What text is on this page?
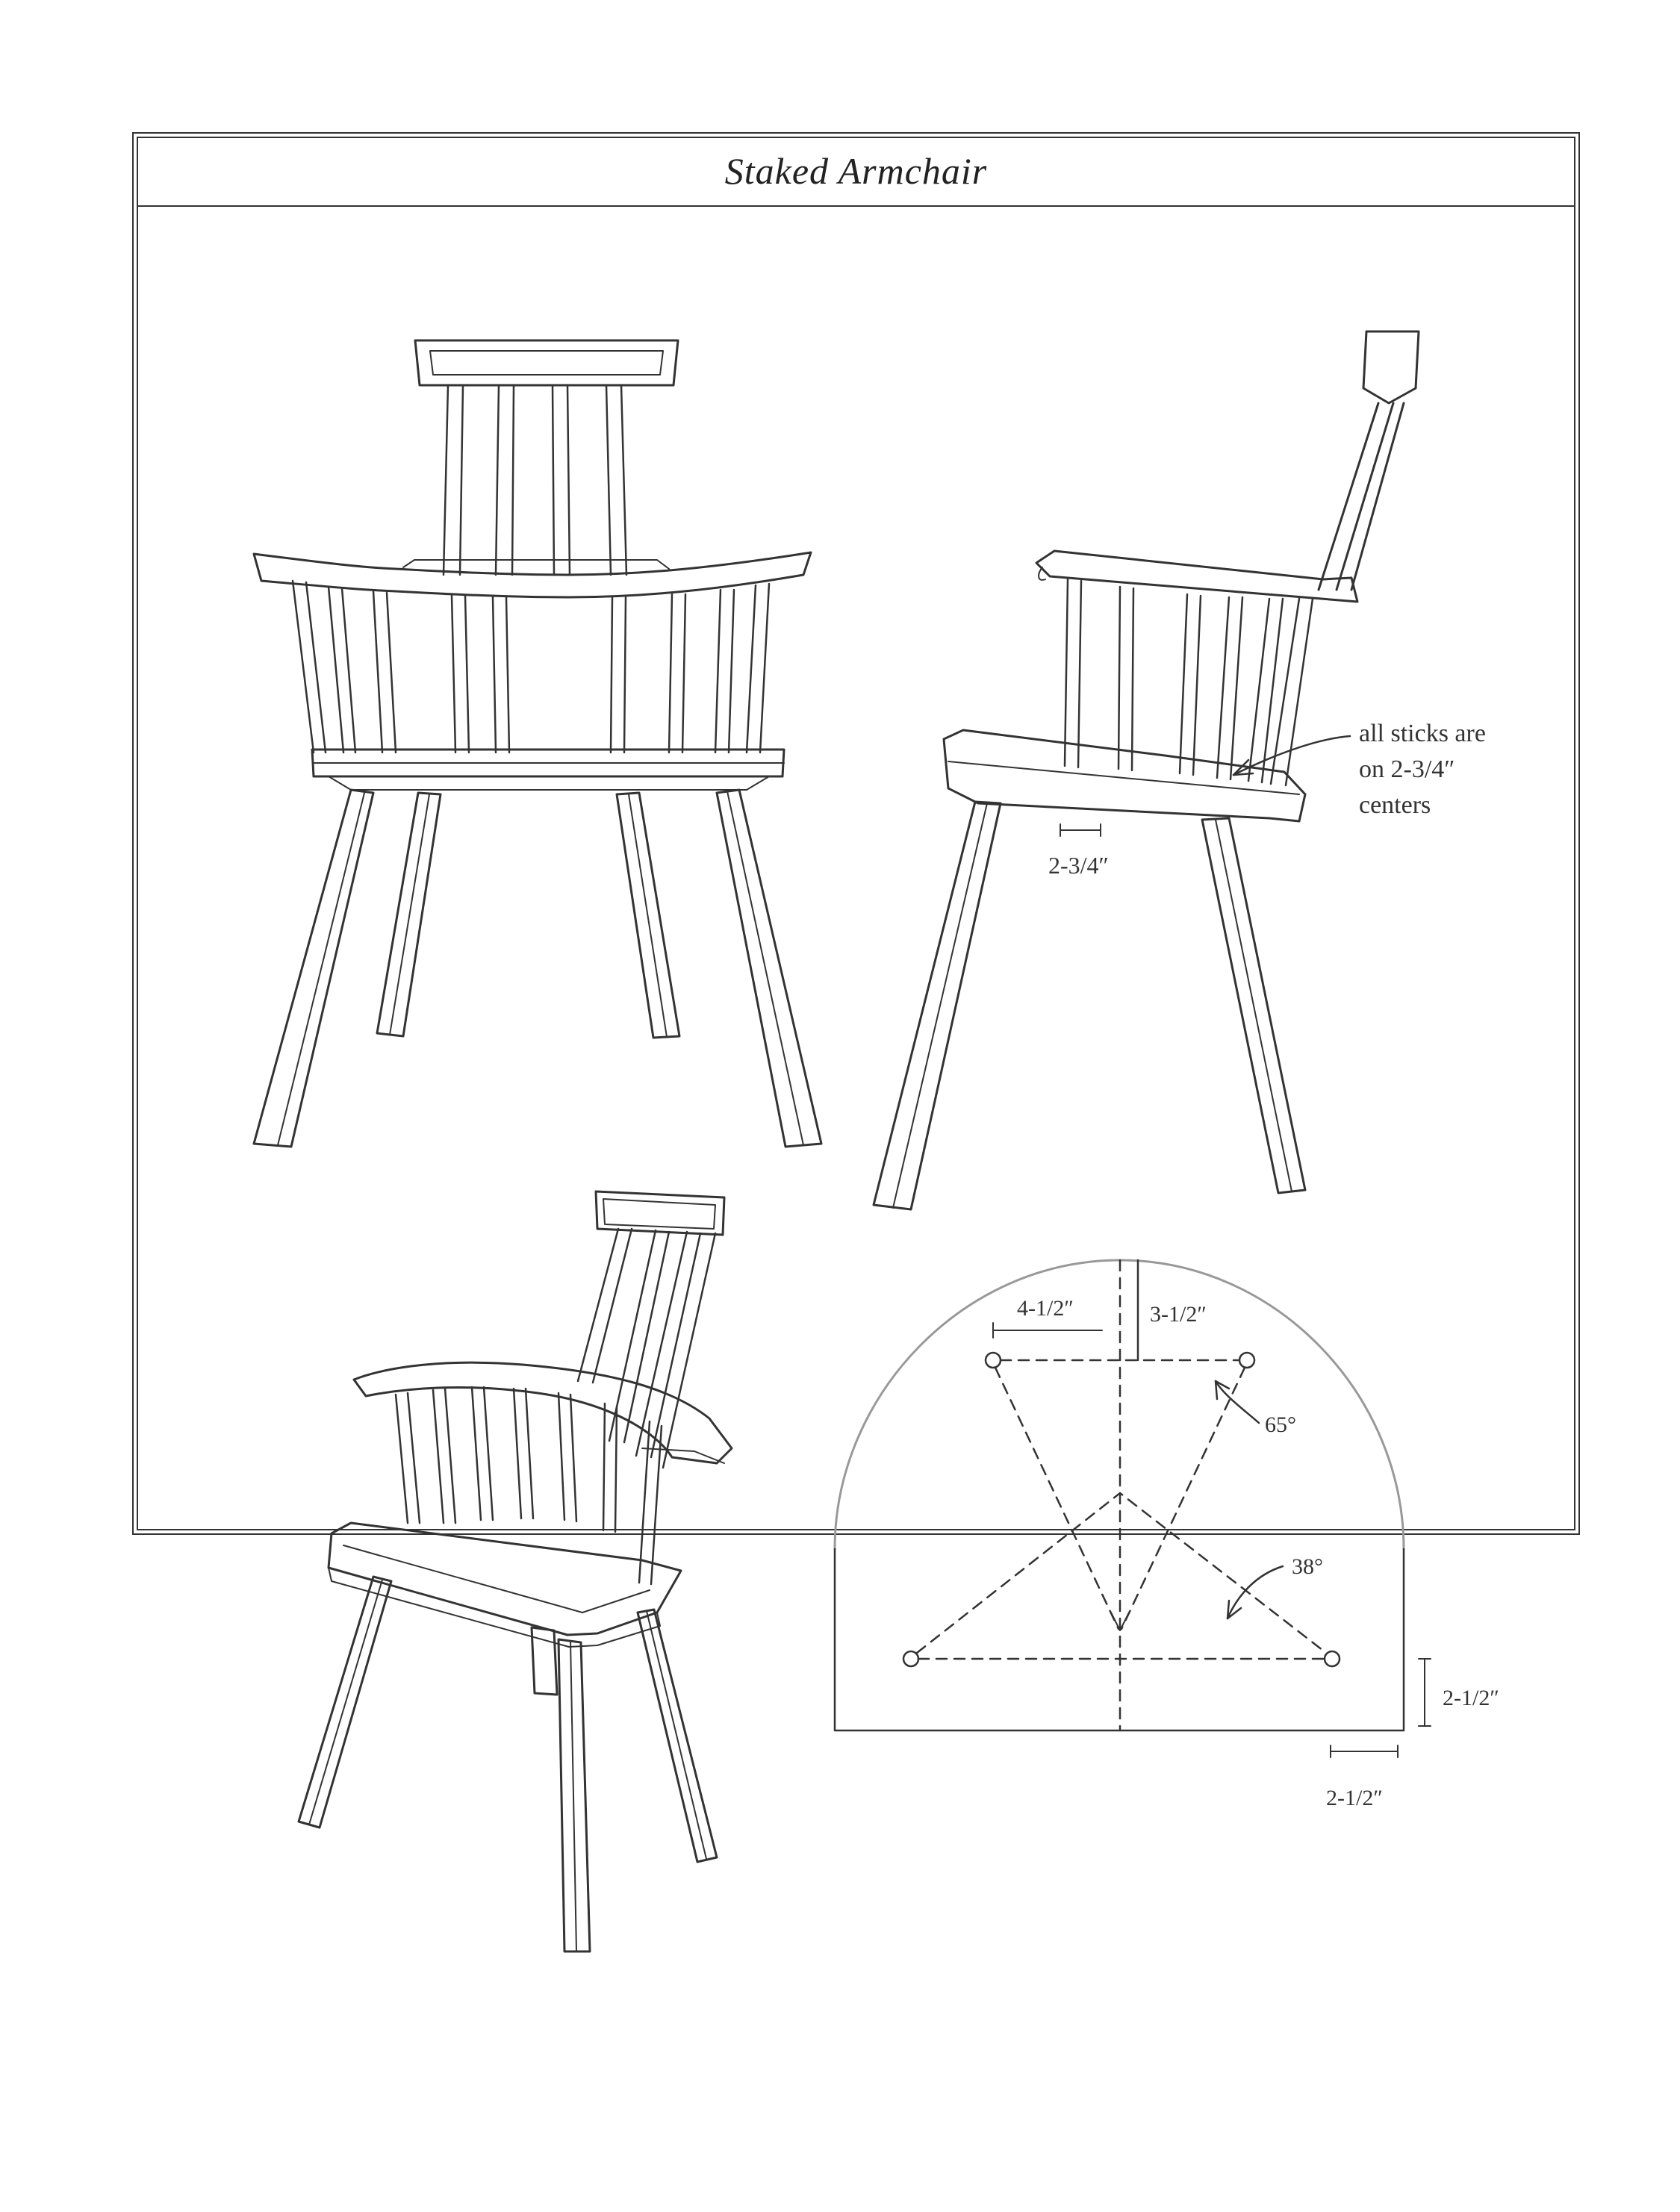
Staked Armchair
all sticks are
on 2-3/4″
centers
2-3/4″
4-1/2″	3-1/2″
65°
38°
2-1/2″
2-1/2″
